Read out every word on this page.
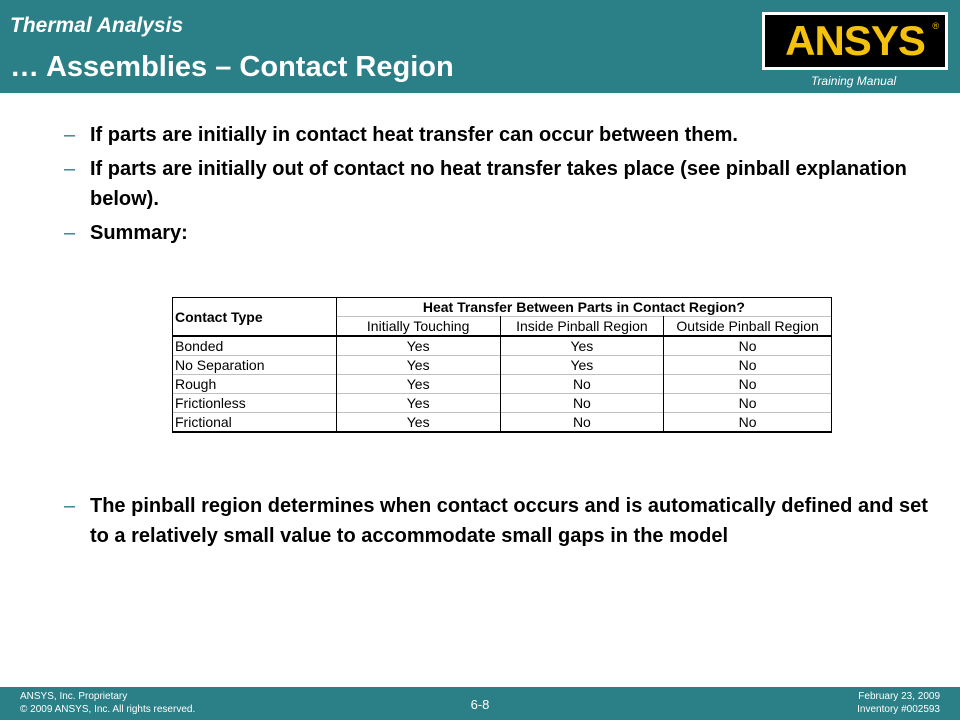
Thermal Analysis
… Assemblies – Contact Region
ANSYS ®
Training Manual
– If parts are initially in contact heat transfer can occur between them.
– If parts are initially out of contact no heat transfer takes place (see pinball explanation below).
– Summary:
Contact Type	Heat Transfer Between Parts in Contact Region?		
	Initially Touching	Inside Pinball Region	Outside Pinball Region
Bonded	Yes	Yes	No
No Separation	Yes	Yes	No
Rough	Yes	No	No
Frictionless	Yes	No	No
Frictional	Yes	No	No
– The pinball region determines when contact occurs and is automatically defined and set to a relatively small value to accommodate small gaps in the model
ANSYS, Inc. Proprietary
© 2009 ANSYS, Inc. All rights reserved.	6-8
February 23, 2009
Inventory #002593
